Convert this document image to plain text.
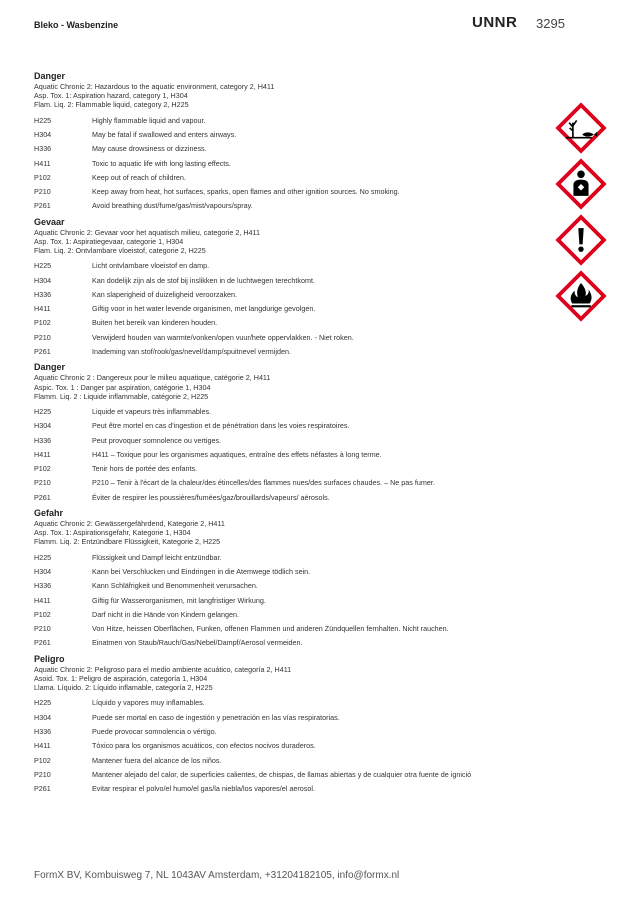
Bleko - Wasbenzine	UNNR 3295
Danger
Aquatic Chronic 2: Hazardous to the aquatic environment, category 2, H411
Asp. Tox. 1: Aspiration hazard, category 1, H304
Flam. Liq. 2: Flammable liquid, category 2, H225
H225	Highly flammable liquid and vapour.
H304	May be fatal if swallowed and enters airways.
H336	May cause drowsiness or dizziness.
H411	Toxic to aquatic life with long lasting effects.
P102	Keep out of reach of children.
P210	Keep away from heat, hot surfaces, sparks, open flames and other ignition sources. No smoking.
P261	Avoid breathing dust/fume/gas/mist/vapours/spray.
Gevaar
Aquatic Chronic 2: Gevaar voor het aquatisch milieu, categorie 2, H411
Asp. Tox. 1: Aspiratiegevaar, categorie 1, H304
Flam. Liq. 2: Ontvlambare vloeistof, categorie 2, H225
H225	Licht ontvlambare vloeistof en damp.
H304	Kan dodelijk zijn als de stof bij inslikken in de luchtwegen terechtkomt.
H336	Kan slaperigheid of duizeligheid veroorzaken.
H411	Giftig voor in het water levende organismen, met langdurige gevolgen.
P102	Buiten het bereik van kinderen houden.
P210	Verwijderd houden van warmte/vonken/open vuur/hete oppervlakken. - Niet roken.
P261	Inademing van stof/rook/gas/nevel/damp/spuitnevel vermijden.
Danger
Aquatic Chronic 2 : Dangereux pour le milieu aquatique, catégorie 2, H411
Aspic. Tox. 1 : Danger par aspiration, catégorie 1, H304
Flamm. Liq. 2 : Liquide inflammable, catégorie 2, H225
H225	Liquide et vapeurs très inflammables.
H304	Peut être mortel en cas d'ingestion et de pénétration dans les voies respiratoires.
H336	Peut provoquer somnolence ou vertiges.
H411	H411 – Toxique pour les organismes aquatiques, entraîne des effets néfastes à long terme.
P102	Tenir hors de portée des enfants.
P210	P210 – Tenir à l'écart de la chaleur/des étincelles/des flammes nues/des surfaces chaudes. – Ne pas fumer.
P261	Éviter de respirer les poussières/fumées/gaz/brouillards/vapeurs/ aérosols.
Gefahr
Aquatic Chronic 2: Gewässergefährdend, Kategorie 2, H411
Asp. Tox. 1: Aspirationsgefahr, Kategorie 1, H304
Flamm. Liq. 2: Entzündbare Flüssigkeit, Kategorie 2, H225
H225	Flüssigkeit und Dampf leicht entzündbar.
H304	Kann bei Verschlucken und Eindringen in die Atemwege tödlich sein.
H336	Kann Schläfrigkeit und Benommenheit verursachen.
H411	Giftig für Wasserorganismen, mit langfristiger Wirkung.
P102	Darf nicht in die Hände von Kindern gelangen.
P210	Von Hitze, heissen Oberflächen, Funken, offenen Flammen und anderen Zündquellen fernhalten. Nicht rauchen.
P261	Einatmen von Staub/Rauch/Gas/Nebel/Dampf/Aerosol vermeiden.
Peligro
Aquatic Chronic 2: Peligroso para el medio ambiente acuático, categoría 2, H411
Asoid. Tox. 1: Peligro de aspiración, categoría 1, H304
Llama. Líquido. 2: Líquido inflamable, categoría 2, H225
H225	Líquido y vapores muy inflamables.
H304	Puede ser mortal en caso de ingestión y penetración en las vías respiratorias.
H336	Puede provocar somnolencia o vértigo.
H411	Tóxico para los organismos acuáticos, con efectos nocivos duraderos.
P102	Mantener fuera del alcance de los niños.
P210	Mantener alejado del calor, de superficies calientes, de chispas, de llamas abiertas y de cualquier otra fuente de ignició
P261	Evitar respirar el polvo/el humo/el gas/la niebla/los vapores/el aerosol.
FormX BV, Kombuisweg 7, NL 1043AV Amsterdam, +31204182105, info@formx.nl
